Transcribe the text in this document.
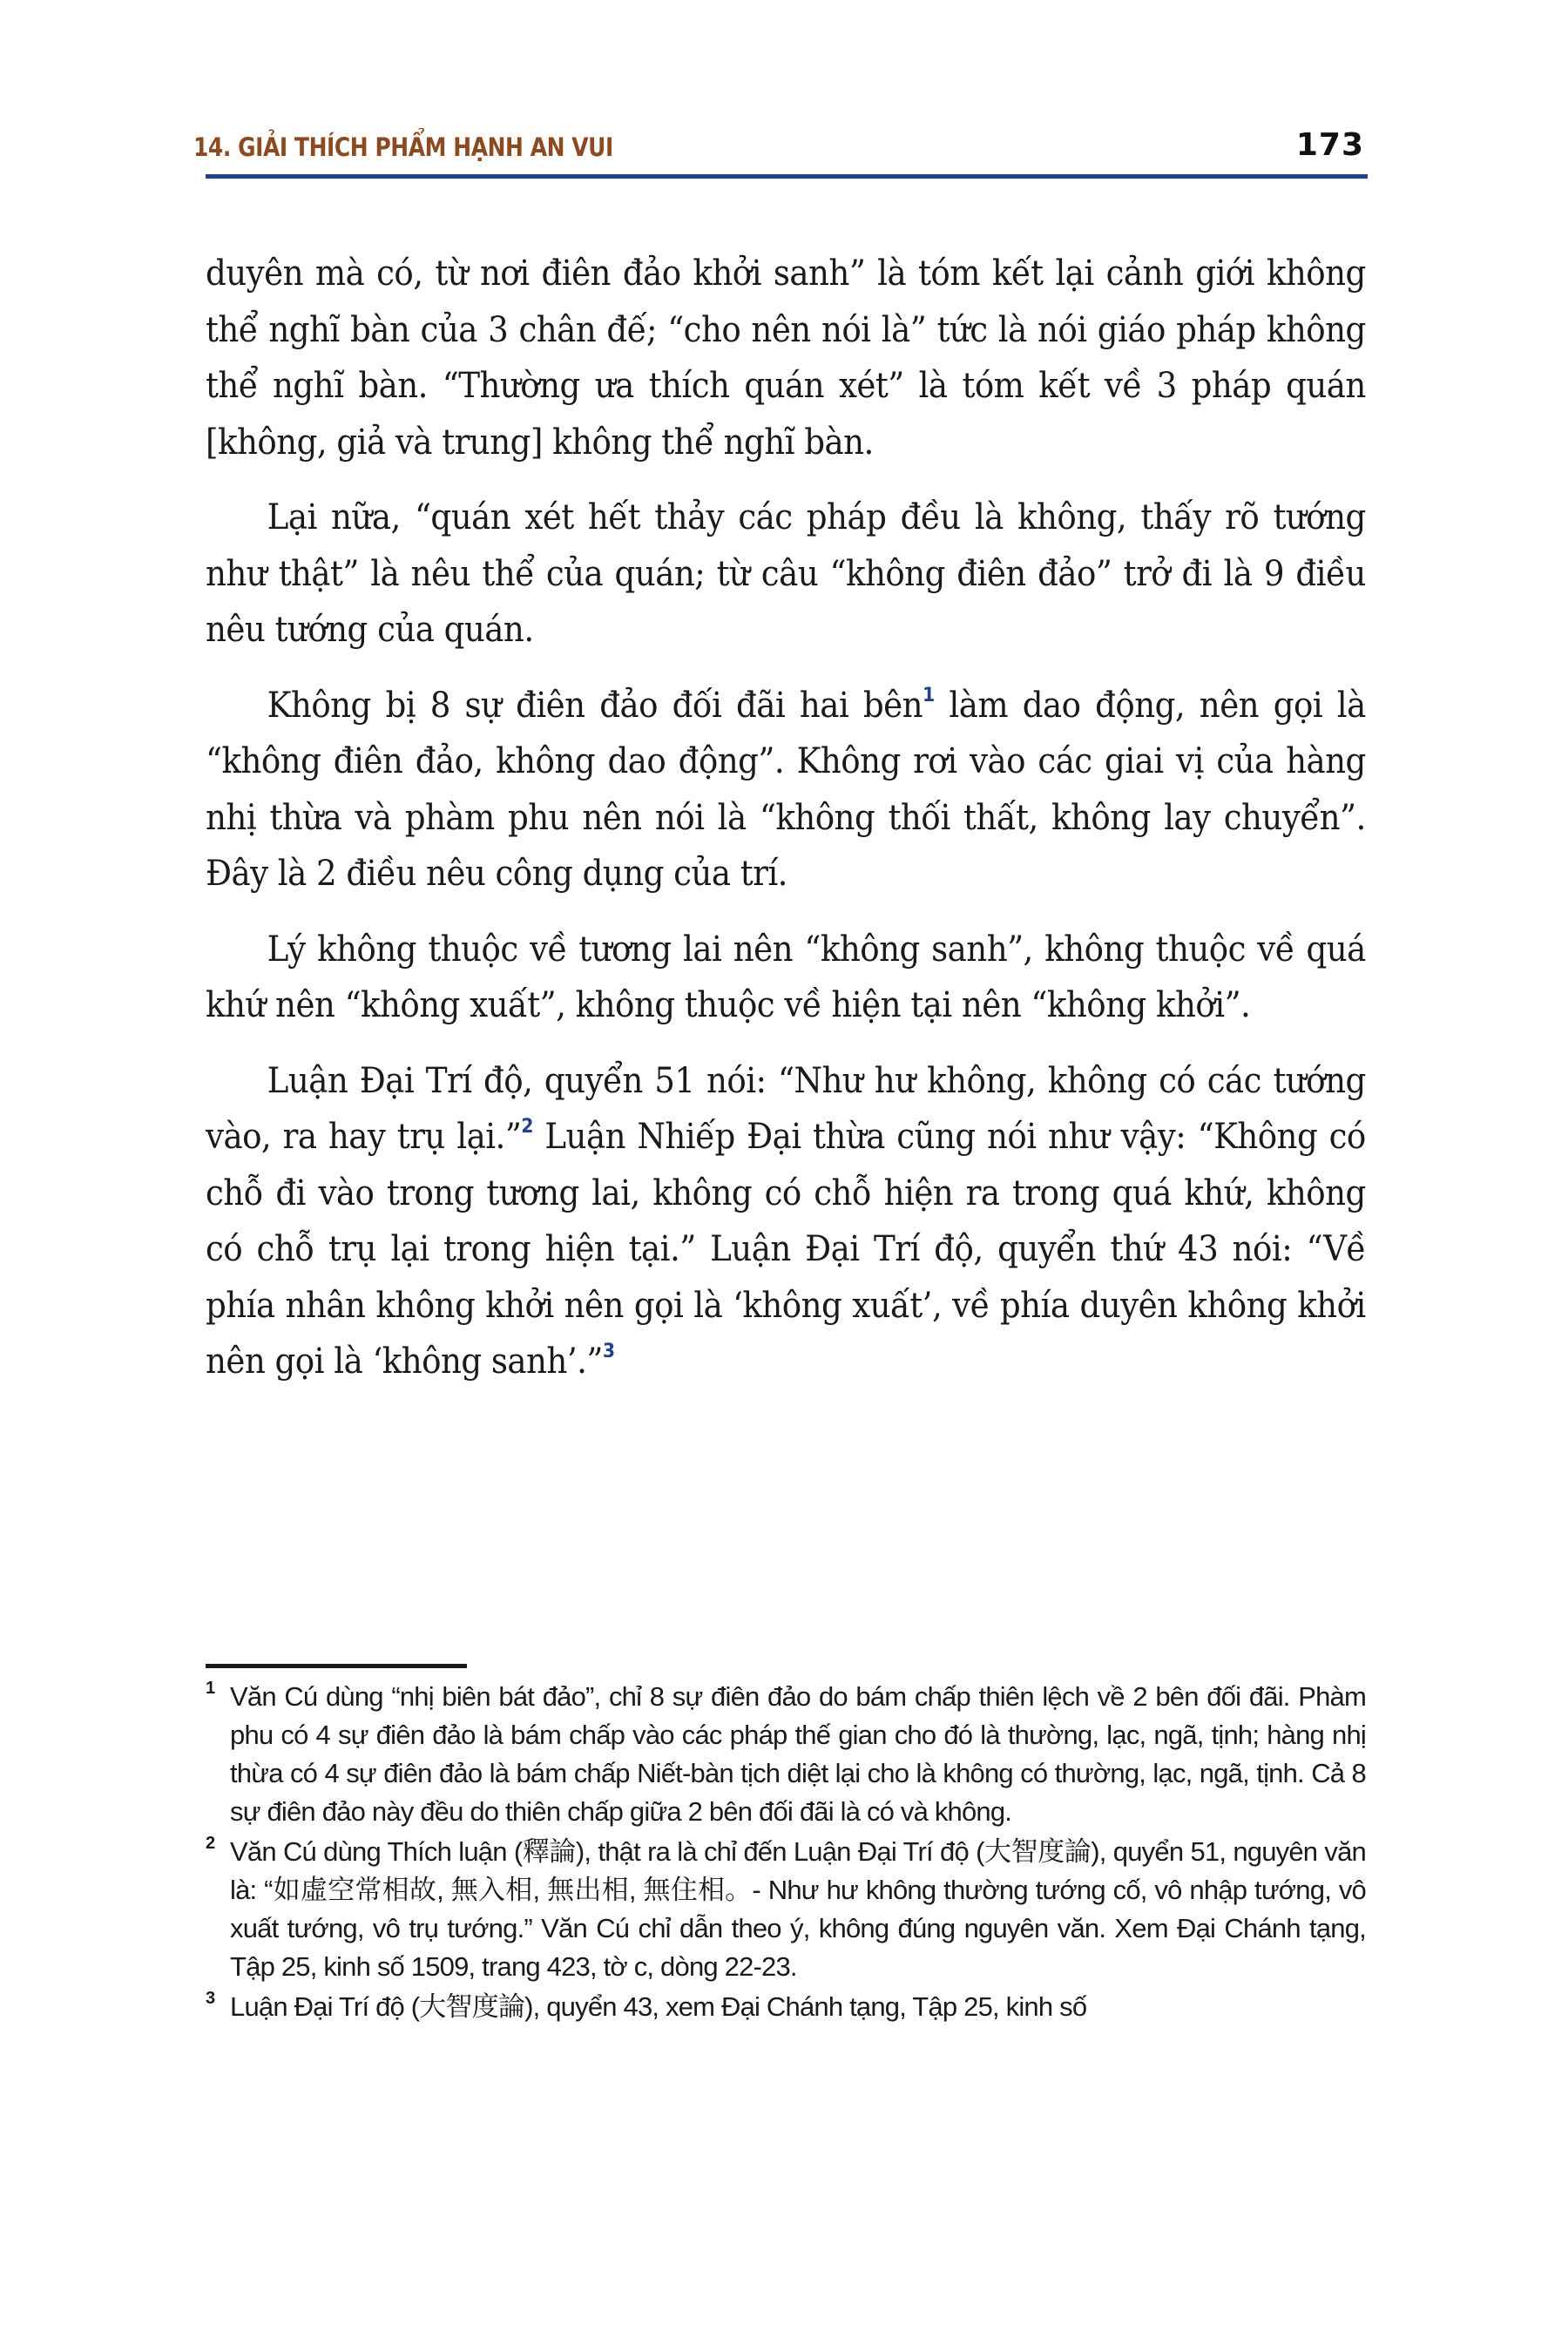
14. GIẢI THÍCH PHẨM HẠNH AN VUI	173

duyên mà có, từ nơi điên đảo khởi sanh” là tóm kết lại cảnh giới không thể nghĩ bàn của 3 chân đế; “cho nên nói là” tức là nói giáo pháp không thể nghĩ bàn. “Thường ưa thích quán xét” là tóm kết về 3 pháp quán [không, giả và trung] không thể nghĩ bàn.

Lại nữa, “quán xét hết thảy các pháp đều là không, thấy rõ tướng như thật” là nêu thể của quán; từ câu “không điên đảo” trở đi là 9 điều nêu tướng của quán.

Không bị 8 sự điên đảo đối đãi hai bên$^1$ làm dao động, nên gọi là “không điên đảo, không dao động”. Không rơi vào các giai vị của hàng nhị thừa và phàm phu nên nói là “không thối thất, không lay chuyển”. Đây là 2 điều nêu công dụng của trí.

Lý không thuộc về tương lai nên “không sanh”, không thuộc về quá khứ nên “không xuất”, không thuộc về hiện tại nên “không khởi”.

Luận Đại Trí độ, quyển 51 nói: “Như hư không, không có các tướng vào, ra hay trụ lại.”$^2$ Luận Nhiếp Đại thừa cũng nói như vậy: “Không có chỗ đi vào trong tương lai, không có chỗ hiện ra trong quá khứ, không có chỗ trụ lại trong hiện tại.” Luận Đại Trí độ, quyển thứ 43 nói: “Về phía nhân không khởi nên gọi là ‘không xuất’, về phía duyên không khởi nên gọi là ‘không sanh’.”$^3$

1 Văn Cú dùng “nhị biên bát đảo”, chỉ 8 sự điên đảo do bám chấp thiên lệch về 2 bên đối đãi. Phàm phu có 4 sự điên đảo là bám chấp vào các pháp thế gian cho đó là thường, lạc, ngã, tịnh; hàng nhị thừa có 4 sự điên đảo là bám chấp Niết-bàn tịch diệt lại cho là không có thường, lạc, ngã, tịnh. Cả 8 sự điên đảo này đều do thiên chấp giữa 2 bên đối đãi là có và không.
2 Văn Cú dùng Thích luận (釋論), thật ra là chỉ đến Luận Đại Trí độ (大智度論), quyển 51, nguyên văn là: “如虛空常相故, 無入相, 無出相, 無住相。- Như hư không thường tướng cố, vô nhập tướng, vô xuất tướng, vô trụ tướng.” Văn Cú chỉ dẫn theo ý, không đúng nguyên văn. Xem Đại Chánh tạng, Tập 25, kinh số 1509, trang 423, tờ c, dòng 22-23.
3 Luận Đại Trí độ (大智度論), quyển 43, xem Đại Chánh tạng, Tập 25, kinh số
